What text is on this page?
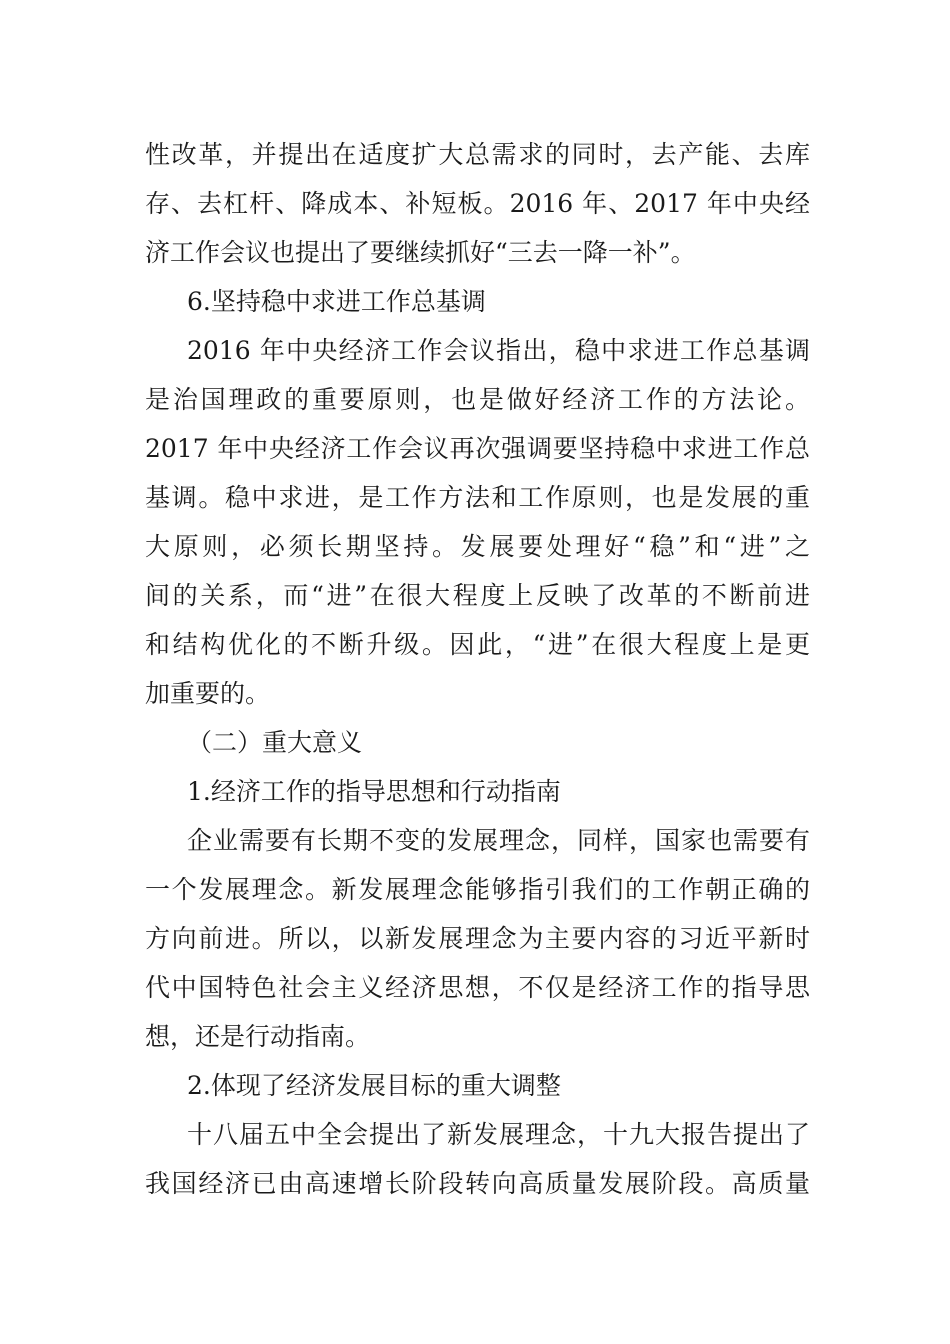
性改革，并提出在适度扩大总需求的同时，去产能、去库
存、去杠杆、降成本、补短板。2016 年、2017 年中央经
济工作会议也提出了要继续抓好“三去一降一补”。
6.坚持稳中求进工作总基调
2016 年中央经济工作会议指出，稳中求进工作总基调
是治国理政的重要原则，也是做好经济工作的方法论。
2017 年中央经济工作会议再次强调要坚持稳中求进工作总
基调。稳中求进，是工作方法和工作原则，也是发展的重
大原则，必须长期坚持。发展要处理好“稳”和“进”之
间的关系，而“进”在很大程度上反映了改革的不断前进
和结构优化的不断升级。因此，“进”在很大程度上是更
加重要的。
（二）重大意义
1.经济工作的指导思想和行动指南
企业需要有长期不变的发展理念，同样，国家也需要有
一个发展理念。新发展理念能够指引我们的工作朝正确的
方向前进。所以，以新发展理念为主要内容的习近平新时
代中国特色社会主义经济思想，不仅是经济工作的指导思
想，还是行动指南。
2.体现了经济发展目标的重大调整
十八届五中全会提出了新发展理念，十九大报告提出了
我国经济已由高速增长阶段转向高质量发展阶段。高质量
